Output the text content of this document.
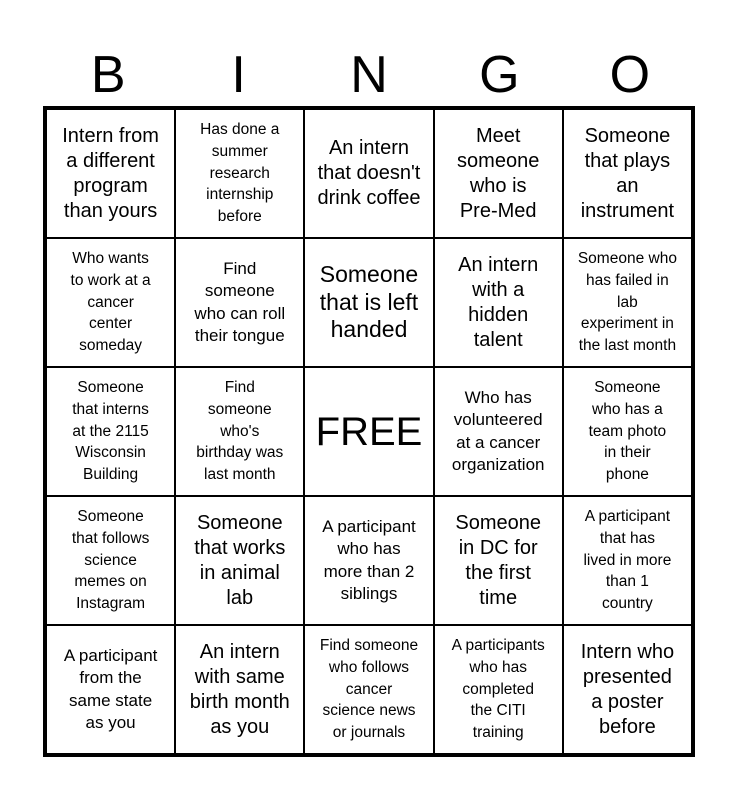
B	I	N	G	O
Intern from
a different
program
than yours
Has done a
summer
research
internship
before
An intern
that doesn't
drink coffee
Meet
someone
who is
Pre-Med
Someone
that plays
an
instrument
Who wants
to work at a
cancer
center
someday
Find
someone
who can roll
their tongue
Someone
that is left
handed
An intern
with a
hidden
talent
Someone who
has failed in
lab
experiment in
the last month
Someone
that interns
at the 2115
Wisconsin
Building
Find
someone
who's
birthday was
last month
FREE
Who has
volunteered
at a cancer
organization
Someone
who has a
team photo
in their
phone
Someone
that follows
science
memes on
Instagram
Someone
that works
in animal
lab
A participant
who has
more than 2
siblings
Someone
in DC for
the first
time
A participant
that has
lived in more
than 1
country
A participant
from the
same state
as you
An intern
with same
birth month
as you
Find someone
who follows
cancer
science news
or journals
A participants
who has
completed
the CITI
training
Intern who
presented
a poster
before
